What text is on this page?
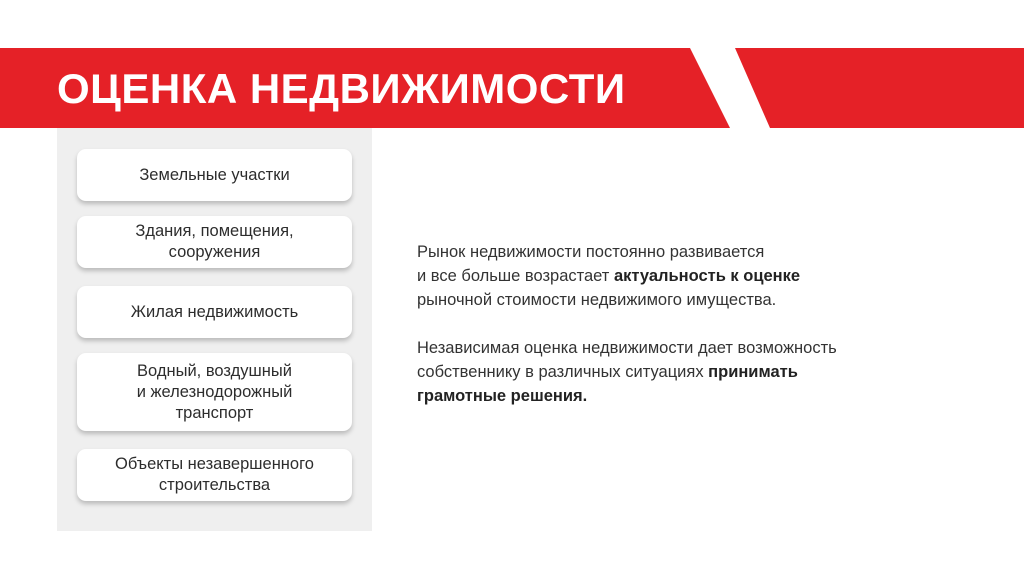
ОЦЕНКА НЕДВИЖИМОСТИ
Земельные участки
Здания, помещения,
сооружения
Жилая недвижимость
Водный, воздушный
и железнодорожный
транспорт
Объекты незавершенного
строительства

Рынок недвижимости постоянно развивается
и все больше возрастает актуальность к оценке
рыночной стоимости недвижимого имущества.

Независимая оценка недвижимости дает возможность
собственнику в различных ситуациях принимать
грамотные решения.
